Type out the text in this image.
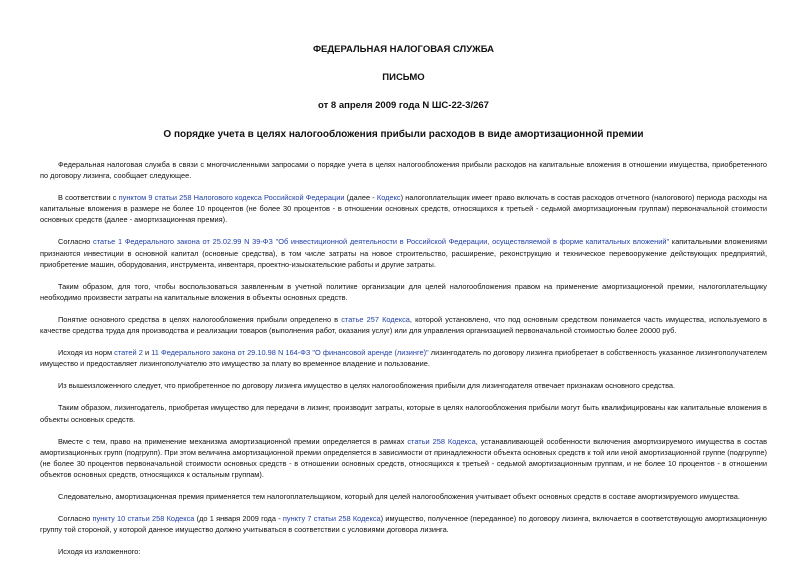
ФЕДЕРАЛЬНАЯ НАЛОГОВАЯ СЛУЖБА
ПИСЬМО
от 8 апреля 2009 года N ШС-22-3/267
О порядке учета в целях налогообложения прибыли расходов в виде амортизационной премии

Федеральная налоговая служба в связи с многочисленными запросами о порядке учета в целях налогообложения прибыли расходов на капитальные вложения в отношении имущества, приобретенного по договору лизинга, сообщает следующее.

В соответствии с пунктом 9 статьи 258 Налогового кодекса Российской Федерации (далее - Кодекс) налогоплательщик имеет право включать в состав расходов отчетного (налогового) периода расходы на капитальные вложения в размере не более 10 процентов (не более 30 процентов - в отношении основных средств, относящихся к третьей - седьмой амортизационным группам) первоначальной стоимости основных средств (далее - амортизационная премия).

Согласно статье 1 Федерального закона от 25.02.99 N 39-ФЗ "Об инвестиционной деятельности в Российской Федерации, осуществляемой в форме капитальных вложений" капитальными вложениями признаются инвестиции в основной капитал (основные средства), в том числе затраты на новое строительство, расширение, реконструкцию и техническое перевооружение действующих предприятий, приобретение машин, оборудования, инструмента, инвентаря, проектно-изыскательские работы и другие затраты.

Таким образом, для того, чтобы воспользоваться заявленным в учетной политике организации для целей налогообложения правом на применение амортизационной премии, налогоплательщику необходимо произвести затраты на капитальные вложения в объекты основных средств.

Понятие основного средства в целях налогообложения прибыли определено в статье 257 Кодекса, которой установлено, что под основным средством понимается часть имущества, используемого в качестве средства труда для производства и реализации товаров (выполнения работ, оказания услуг) или для управления организацией первоначальной стоимостью более 20000 руб.

Исходя из норм статей 2 и 11 Федерального закона от 29.10.98 N 164-ФЗ "О финансовой аренде (лизинге)" лизингодатель по договору лизинга приобретает в собственность указанное лизингополучателем имущество и предоставляет лизингополучателю это имущество за плату во временное владение и пользование.

Из вышеизложенного следует, что приобретенное по договору лизинга имущество в целях налогообложения прибыли для лизингодателя отвечает признакам основного средства.

Таким образом, лизингодатель, приобретая имущество для передачи в лизинг, производит затраты, которые в целях налогообложения прибыли могут быть квалифицированы как капитальные вложения в объекты основных средств.

Вместе с тем, право на применение механизма амортизационной премии определяется в рамках статьи 258 Кодекса, устанавливающей особенности включения амортизируемого имущества в состав амортизационных групп (подгрупп). При этом величина амортизационной премии определяется в зависимости от принадлежности объекта основных средств к той или иной амортизационной группе (подгруппе) (не более 30 процентов первоначальной стоимости основных средств - в отношении основных средств, относящихся к третьей - седьмой амортизационным группам, и не более 10 процентов - в отношении объектов основных средств, относящихся к остальным группам).

Следовательно, амортизационная премия применяется тем налогоплательщиком, который для целей налогообложения учитывает объект основных средств в составе амортизируемого имущества.

Согласно пункту 10 статьи 258 Кодекса (до 1 января 2009 года - пункту 7 статьи 258 Кодекса) имущество, полученное (переданное) по договору лизинга, включается в соответствующую амортизационную группу той стороной, у которой данное имущество должно учитываться в соответствии с условиями договора лизинга.

Исходя из изложенного:
